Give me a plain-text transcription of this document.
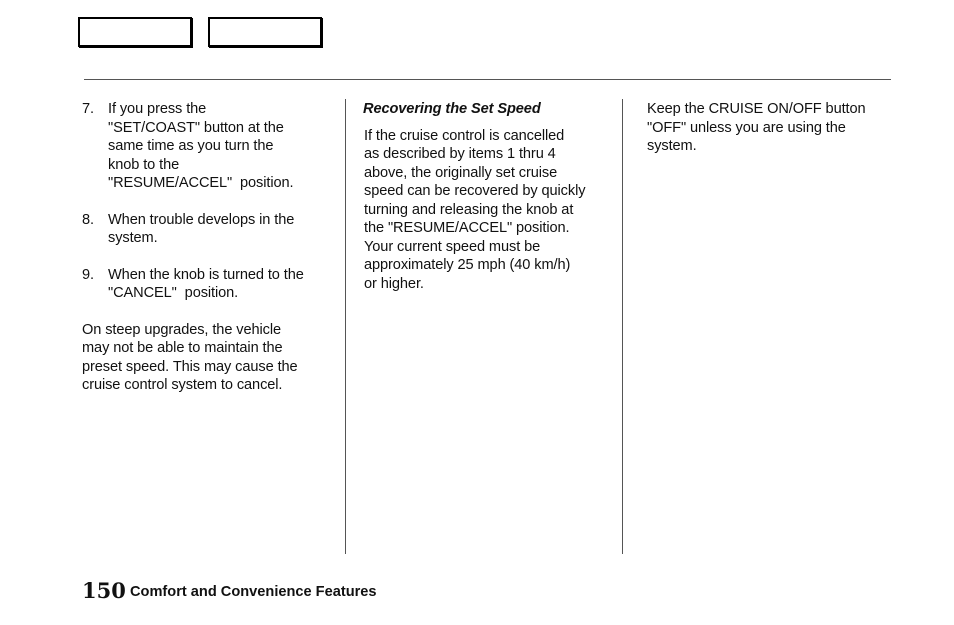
7. If you press the
"SET/COAST" button at the
same time as you turn the
knob to the
"RESUME/ACCEL"  position.
8. When trouble develops in the
system.
9. When the knob is turned to the
"CANCEL"  position.
On steep upgrades, the vehicle
may not be able to maintain the
preset speed. This may cause the
cruise control system to cancel.
Recovering the Set Speed
If the cruise control is cancelled
as described by items 1 thru 4
above, the originally set cruise
speed can be recovered by quickly
turning and releasing the knob at
the "RESUME/ACCEL" position.
Your current speed must be
approximately 25 mph (40 km/h)
or higher.
Keep the CRUISE ON/OFF button
"OFF" unless you are using the
system.
150 Comfort and Convenience Features
